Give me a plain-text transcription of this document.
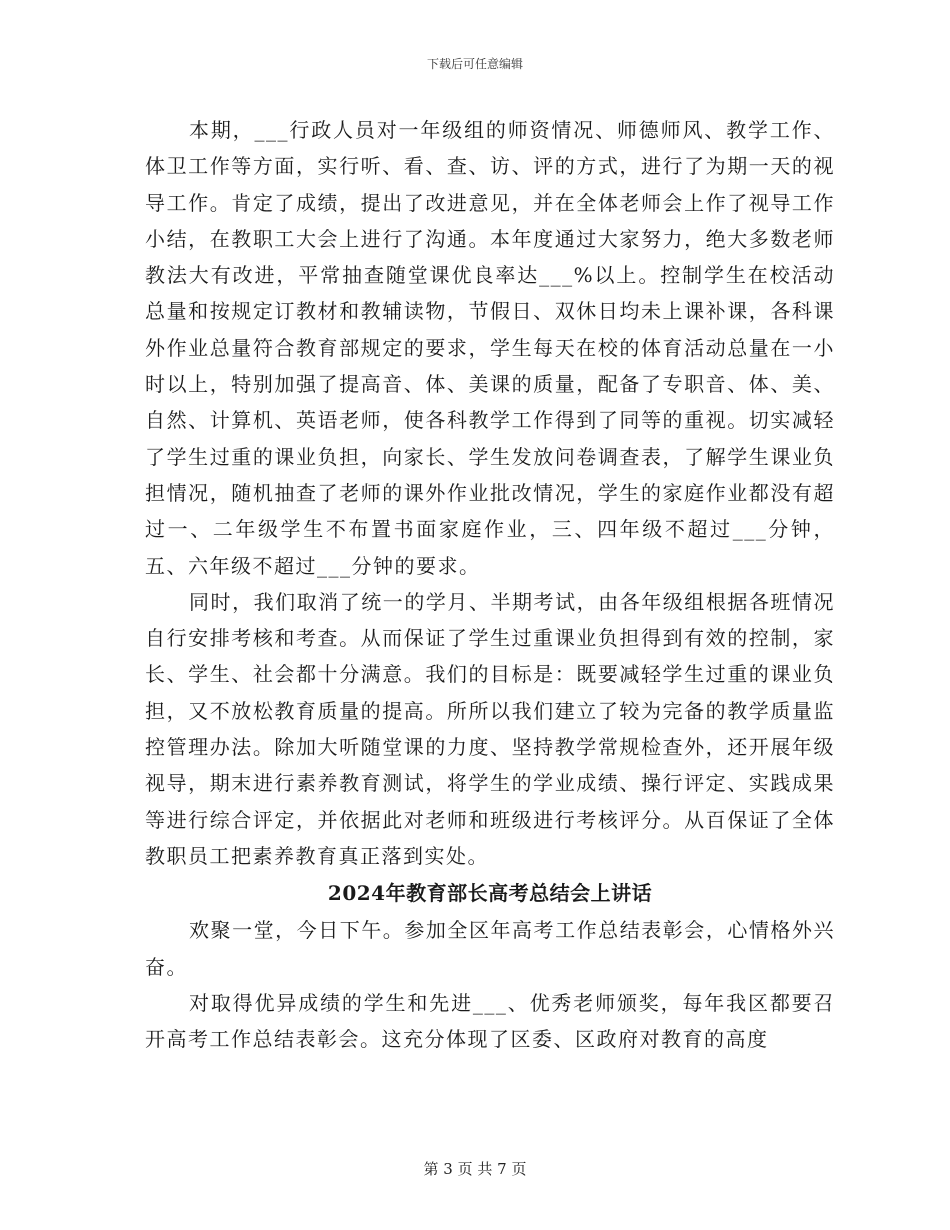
下载后可任意编辑

本期，___行政人员对一年级组的师资情况、师德师风、教学工作、体卫工作等方面，实行听、看、查、访、评的方式，进行了为期一天的视导工作。肯定了成绩，提出了改进意见，并在全体老师会上作了视导工作小结，在教职工大会上进行了沟通。本年度通过大家努力，绝大多数老师教法大有改进，平常抽查随堂课优良率达___%以上。控制学生在校活动总量和按规定订教材和教辅读物，节假日、双休日均未上课补课，各科课外作业总量符合教育部规定的要求，学生每天在校的体育活动总量在一小时以上，特别加强了提高音、体、美课的质量，配备了专职音、体、美、自然、计算机、英语老师，使各科教学工作得到了同等的重视。切实减轻了学生过重的课业负担，向家长、学生发放问卷调查表，了解学生课业负担情况，随机抽查了老师的课外作业批改情况，学生的家庭作业都没有超过一、二年级学生不布置书面家庭作业，三、四年级不超过___分钟，五、六年级不超过___分钟的要求。

同时，我们取消了统一的学月、半期考试，由各年级组根据各班情况自行安排考核和考查。从而保证了学生过重课业负担得到有效的控制，家长、学生、社会都十分满意。我们的目标是：既要减轻学生过重的课业负担，又不放松教育质量的提高。所所以我们建立了较为完备的教学质量监控管理办法。除加大听随堂课的力度、坚持教学常规检查外，还开展年级视导，期末进行素养教育测试，将学生的学业成绩、操行评定、实践成果等进行综合评定，并依据此对老师和班级进行考核评分。从百保证了全体教职员工把素养教育真正落到实处。

2024年教育部长高考总结会上讲话

欢聚一堂，今日下午。参加全区年高考工作总结表彰会，心情格外兴奋。

对取得优异成绩的学生和先进___、优秀老师颁奖，每年我区都要召开高考工作总结表彰会。这充分体现了区委、区政府对教育的高度

第 3 页 共 7 页
